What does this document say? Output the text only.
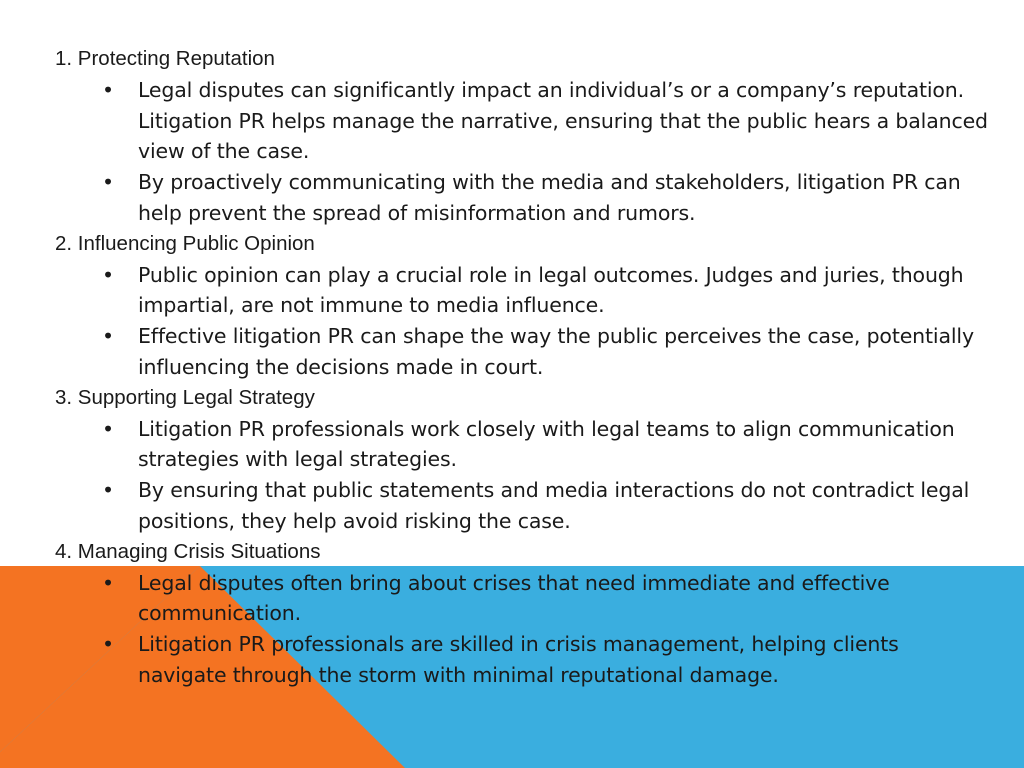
1. Protecting Reputation
• Legal disputes can significantly impact an individual’s or a company’s reputation. Litigation PR helps manage the narrative, ensuring that the public hears a balanced view of the case.
• By proactively communicating with the media and stakeholders, litigation PR can help prevent the spread of misinformation and rumors.
2. Influencing Public Opinion
• Public opinion can play a crucial role in legal outcomes. Judges and juries, though impartial, are not immune to media influence.
• Effective litigation PR can shape the way the public perceives the case, potentially influencing the decisions made in court.
3. Supporting Legal Strategy
• Litigation PR professionals work closely with legal teams to align communication strategies with legal strategies.
• By ensuring that public statements and media interactions do not contradict legal positions, they help avoid risking the case.
4. Managing Crisis Situations
• Legal disputes often bring about crises that need immediate and effective communication.
• Litigation PR professionals are skilled in crisis management, helping clients navigate through the storm with minimal reputational damage.
